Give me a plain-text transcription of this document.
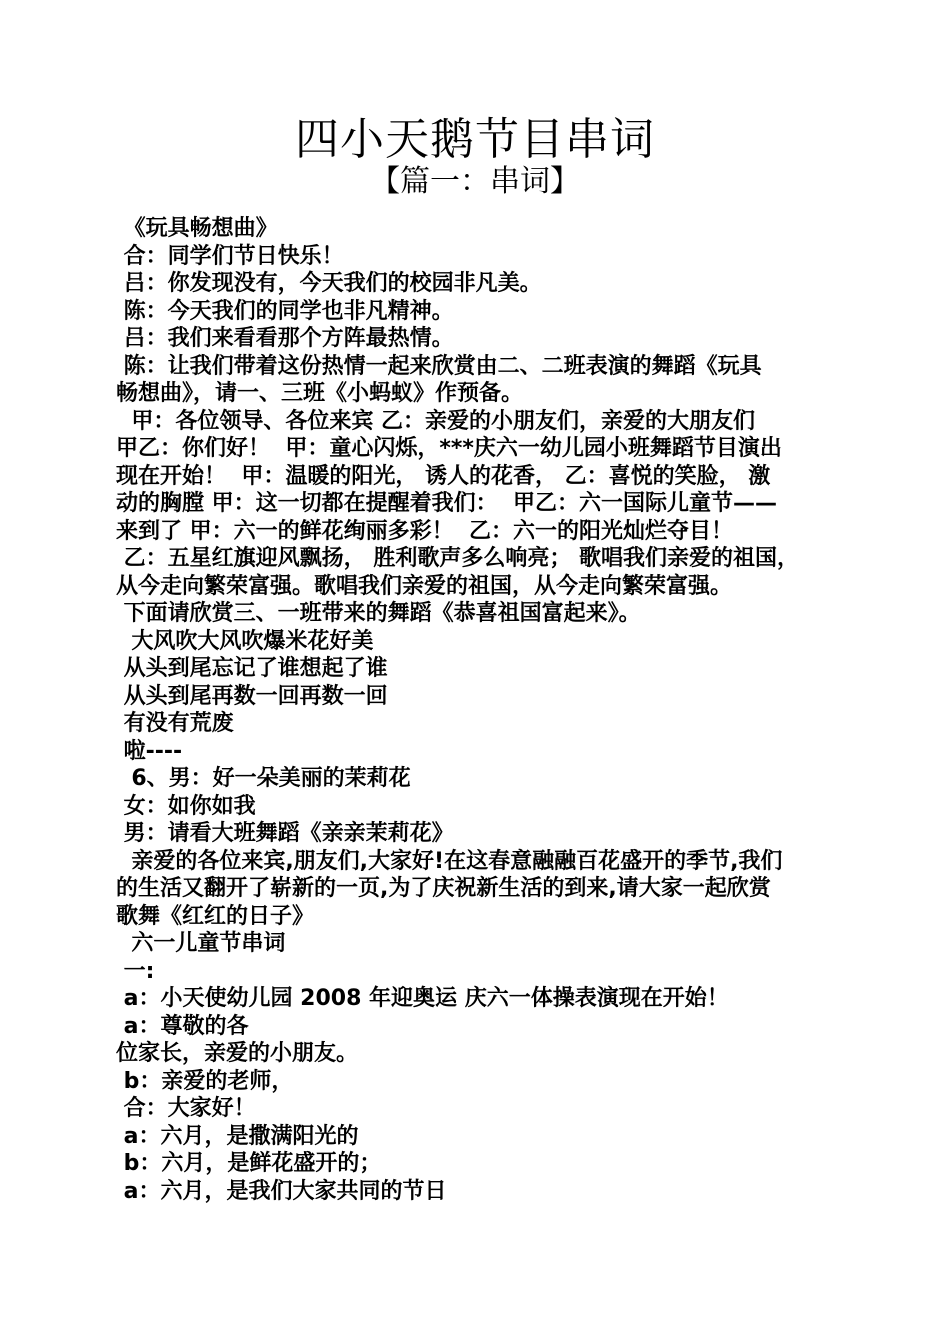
四小天鹅节目串词
【篇一：串词】
《玩具畅想曲》
合：同学们节日快乐！
吕：你发现没有，今天我们的校园非凡美。
陈：今天我们的同学也非凡精神。
吕：我们来看看那个方阵最热情。
陈：让我们带着这份热情一起来欣赏由二、二班表演的舞蹈《玩具
畅想曲》，请一、三班《小蚂蚁》作预备。
甲：各位领导、各位来宾 乙：亲爱的小朋友们，亲爱的大朋友们
甲乙：你们好！  甲：童心闪烁，***庆六一幼儿园小班舞蹈节目演出
现在开始！  甲：温暖的阳光， 诱人的花香， 乙：喜悦的笑脸， 激
动的胸膛 甲：这一切都在提醒着我们：  甲乙：六一国际儿童节——
来到了 甲：六一的鲜花绚丽多彩！  乙：六一的阳光灿烂夺目！
乙：五星红旗迎风飘扬， 胜利歌声多么响亮； 歌唱我们亲爱的祖国，
从今走向繁荣富强。歌唱我们亲爱的祖国，从今走向繁荣富强。
下面请欣赏三、一班带来的舞蹈《恭喜祖国富起来》。
大风吹大风吹爆米花好美
从头到尾忘记了谁想起了谁
从头到尾再数一回再数一回
有没有荒废
啦----
6、男：好一朵美丽的茉莉花
女：如你如我
男：请看大班舞蹈《亲亲茉莉花》
亲爱的各位来宾,朋友们,大家好!在这春意融融百花盛开的季节,我们
的生活又翻开了崭新的一页,为了庆祝新生活的到来,请大家一起欣赏
歌舞《红红的日子》
六一儿童节串词
一:
a：小天使幼儿园 2008 年迎奥运 庆六一体操表演现在开始！
a：尊敬的各
位家长，亲爱的小朋友。
b：亲爱的老师，
合：大家好！
a：六月，是撒满阳光的
b：六月，是鲜花盛开的；
a：六月，是我们大家共同的节日
